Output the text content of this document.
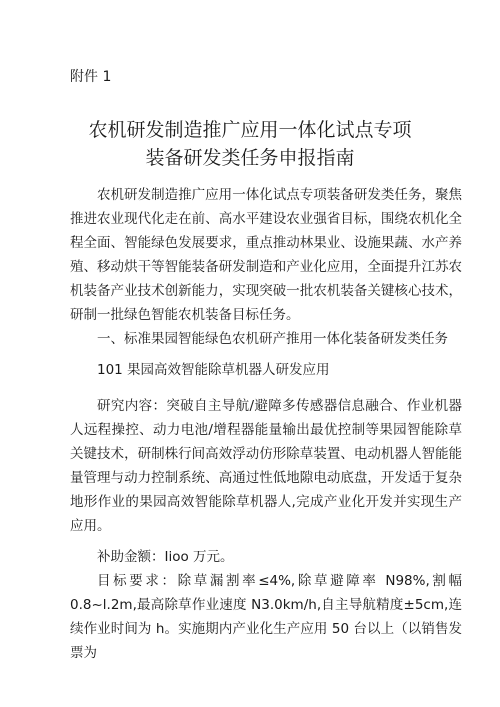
附件 1

农机研发制造推广应用一体化试点专项
装备研发类任务申报指南

农机研发制造推广应用一体化试点专项装备研发类任务，聚焦推进农业现代化走在前、高水平建设农业强省目标，围绕农机化全程全面、智能绿色发展要求，重点推动林果业、设施果蔬、水产养殖、移动烘干等智能装备研发制造和产业化应用，全面提升江苏农机装备产业技术创新能力，实现突破一批农机装备关键核心技术，研制一批绿色智能农机装备目标任务。

一、标准果园智能绿色农机研产推用一体化装备研发类任务

101 果园高效智能除草机器人研发应用

研究内容：突破自主导航/避障多传感器信息融合、作业机器人远程操控、动力电池/增程器能量输出最优控制等果园智能除草关键技术，研制株行间高效浮动仿形除草装置、电动机器人智能能量管理与动力控制系统、高通过性低地隙电动底盘，开发适于复杂地形作业的果园高效智能除草机器人,完成产业化开发并实现生产应用。

补助金额：Iioo 万元。

目标要求：除草漏割率≤4%,除草避障率 N98%,割幅 0.8~l.2m,最高除草作业速度 N3.0km/h,自主导航精度±5cm,连续作业时间为 h。实施期内产业化生产应用 50 台以上（以销售发票为
